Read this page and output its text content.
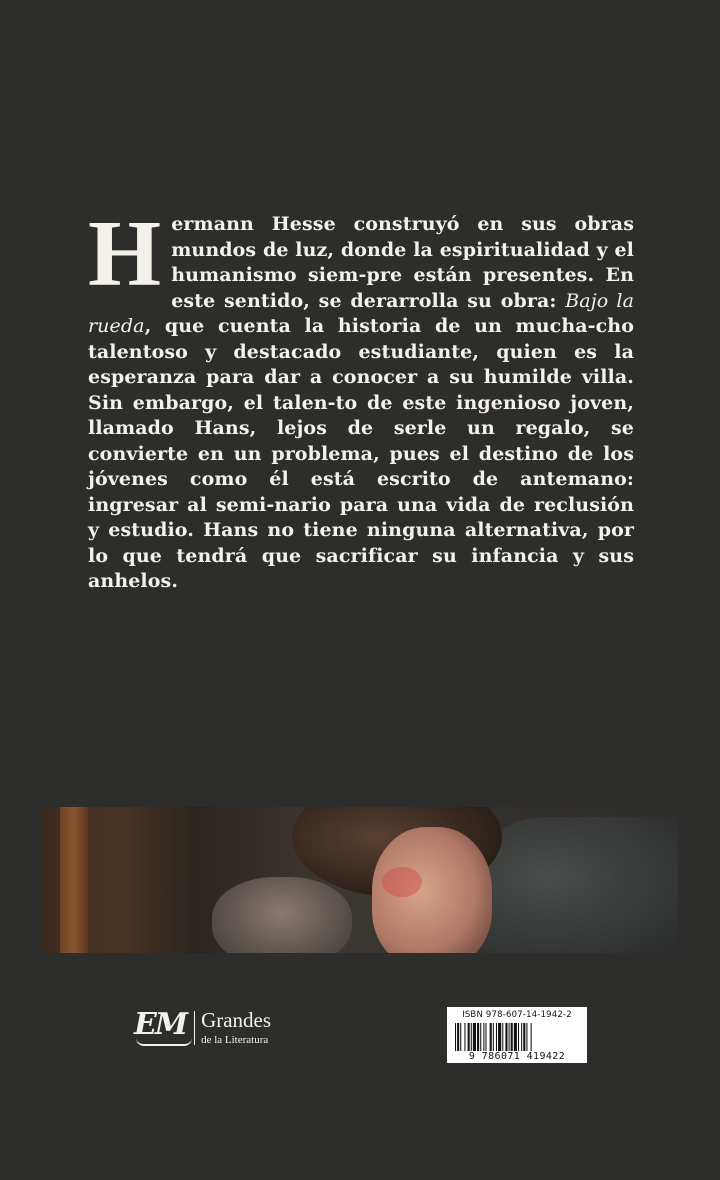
Hermann Hesse construyó en sus obras mundos de luz, donde la espiritualidad y el humanismo siem-pre están presentes. En este sentido, se derarrolla su obra: Bajo la rueda, que cuenta la historia de un mucha-cho talentoso y destacado estudiante, quien es la esperanza para dar a conocer a su humilde villa. Sin embargo, el talen-to de este ingenioso joven, llamado Hans, lejos de serle un regalo, se convierte en un problema, pues el destino de los jóvenes como él está escrito de antemano: ingresar al semi-nario para una vida de reclusión y estudio. Hans no tiene ninguna alternativa, por lo que tendrá que sacrificar su infancia y sus anhelos.
EM Grandes
de la Literatura
ISBN 978-607-14-1942-2
9 786071 419422
